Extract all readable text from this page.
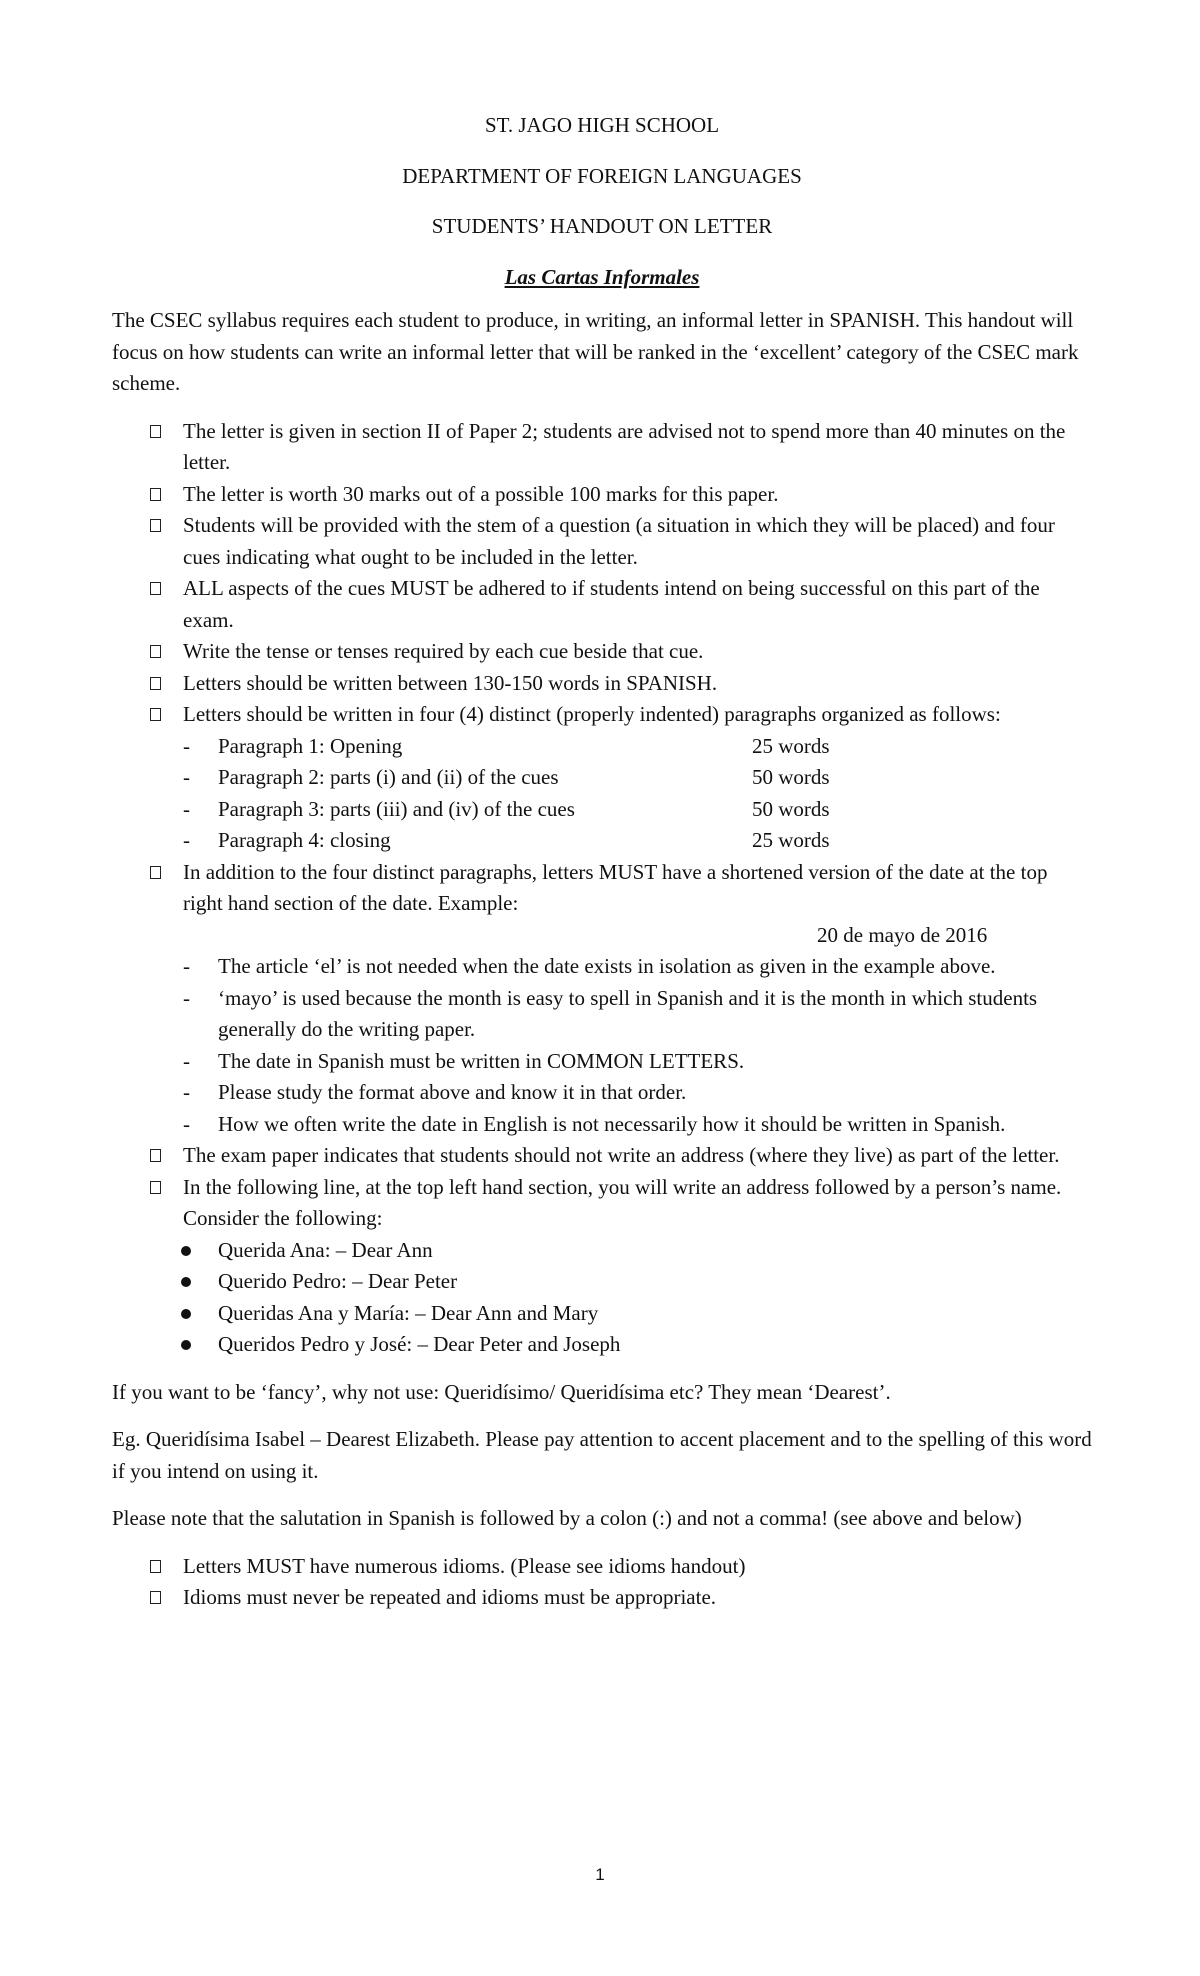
ST. JAGO HIGH SCHOOL

DEPARTMENT OF FOREIGN LANGUAGES

STUDENTS’ HANDOUT ON LETTER

Las Cartas Informales

The CSEC syllabus requires each student to produce, in writing, an informal letter in SPANISH. This handout will focus on how students can write an informal letter that will be ranked in the ‘excellent’ category of the CSEC mark scheme.

The letter is given in section II of Paper 2; students are advised not to spend more than 40 minutes on the letter.
The letter is worth 30 marks out of a possible 100 marks for this paper.
Students will be provided with the stem of a question (a situation in which they will be placed) and four cues indicating what ought to be included in the letter.
ALL aspects of the cues MUST be adhered to if students intend on being successful on this part of the exam.
Write the tense or tenses required by each cue beside that cue.
Letters should be written between 130-150 words in SPANISH.
Letters should be written in four (4) distinct (properly indented) paragraphs organized as follows:
- Paragraph 1: Opening	25 words
- Paragraph 2: parts (i) and (ii) of the cues	50 words
- Paragraph 3: parts (iii) and (iv) of the cues	50 words
- Paragraph 4: closing	25 words
In addition to the four distinct paragraphs, letters MUST have a shortened version of the date at the top right hand section of the date. Example:

20 de mayo de 2016

- The article ‘el’ is not needed when the date exists in isolation as given in the example above.
- ‘mayo’ is used because the month is easy to spell in Spanish and it is the month in which students generally do the writing paper.
- The date in Spanish must be written in COMMON LETTERS.
- Please study the format above and know it in that order.
- How we often write the date in English is not necessarily how it should be written in Spanish.
The exam paper indicates that students should not write an address (where they live) as part of the letter.
In the following line, at the top left hand section, you will write an address followed by a person’s name. Consider the following:
Querida Ana: – Dear Ann
Querido Pedro: – Dear Peter
Queridas Ana y María: – Dear Ann and Mary
Queridos Pedro y José: – Dear Peter and Joseph

If you want to be ‘fancy’, why not use: Queridísimo/ Queridísima etc? They mean ‘Dearest’.

Eg. Queridísima Isabel – Dearest Elizabeth. Please pay attention to accent placement and to the spelling of this word if you intend on using it.

Please note that the salutation in Spanish is followed by a colon (:) and not a comma! (see above and below)

Letters MUST have numerous idioms. (Please see idioms handout)
Idioms must never be repeated and idioms must be appropriate.
1
